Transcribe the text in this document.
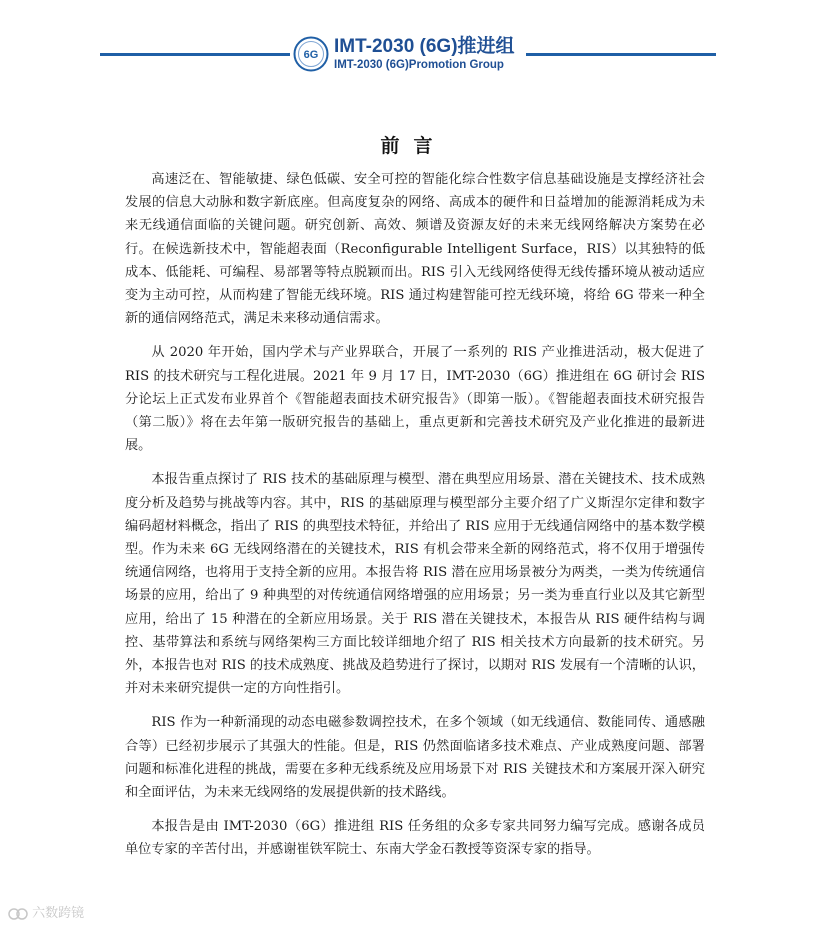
6G IMT-2030 (6G)推进组
IMT-2030 (6G)Promotion Group
前言

高速泛在、智能敏捷、绿色低碳、安全可控的智能化综合性数字信息基础设施是支撑经济社会发展的信息大动脉和数字新底座。但高度复杂的网络、高成本的硬件和日益增加的能源消耗成为未来无线通信面临的关键问题。研究创新、高效、频谱及资源友好的未来无线网络解决方案势在必行。在候选新技术中，智能超表面（Reconfigurable Intelligent Surface，RIS）以其独特的低成本、低能耗、可编程、易部署等特点脱颖而出。RIS 引入无线网络使得无线传播环境从被动适应变为主动可控，从而构建了智能无线环境。RIS 通过构建智能可控无线环境，将给 6G 带来一种全新的通信网络范式，满足未来移动通信需求。

从 2020 年开始，国内学术与产业界联合，开展了一系列的 RIS 产业推进活动，极大促进了 RIS 的技术研究与工程化进展。2021 年 9 月 17 日，IMT-2030（6G）推进组在 6G 研讨会 RIS 分论坛上正式发布业界首个《智能超表面技术研究报告》（即第一版）。《智能超表面技术研究报告（第二版）》将在去年第一版研究报告的基础上，重点更新和完善技术研究及产业化推进的最新进展。

本报告重点探讨了 RIS 技术的基础原理与模型、潜在典型应用场景、潜在关键技术、技术成熟度分析及趋势与挑战等内容。其中，RIS 的基础原理与模型部分主要介绍了广义斯涅尔定律和数字编码超材料概念，指出了 RIS 的典型技术特征，并给出了 RIS 应用于无线通信网络中的基本数学模型。作为未来 6G 无线网络潜在的关键技术，RIS 有机会带来全新的网络范式，将不仅用于增强传统通信网络，也将用于支持全新的应用。本报告将 RIS 潜在应用场景被分为两类，一类为传统通信场景的应用，给出了 9 种典型的对传统通信网络增强的应用场景；另一类为垂直行业以及其它新型应用，给出了 15 种潜在的全新应用场景。关于 RIS 潜在关键技术，本报告从 RIS 硬件结构与调控、基带算法和系统与网络架构三方面比较详细地介绍了 RIS 相关技术方向最新的技术研究。另外，本报告也对 RIS 的技术成熟度、挑战及趋势进行了探讨，以期对 RIS 发展有一个清晰的认识，并对未来研究提供一定的方向性指引。

RIS 作为一种新涌现的动态电磁参数调控技术，在多个领域（如无线通信、数能同传、通感融合等）已经初步展示了其强大的性能。但是，RIS 仍然面临诸多技术难点、产业成熟度问题、部署问题和标准化进程的挑战，需要在多种无线系统及应用场景下对 RIS 关键技术和方案展开深入研究和全面评估，为未来无线网络的发展提供新的技术路线。

本报告是由 IMT-2030（6G）推进组 RIS 任务组的众多专家共同努力编写完成。感谢各成员单位专家的辛苦付出，并感谢崔铁军院士、东南大学金石教授等资深专家的指导。

六数跨镜
